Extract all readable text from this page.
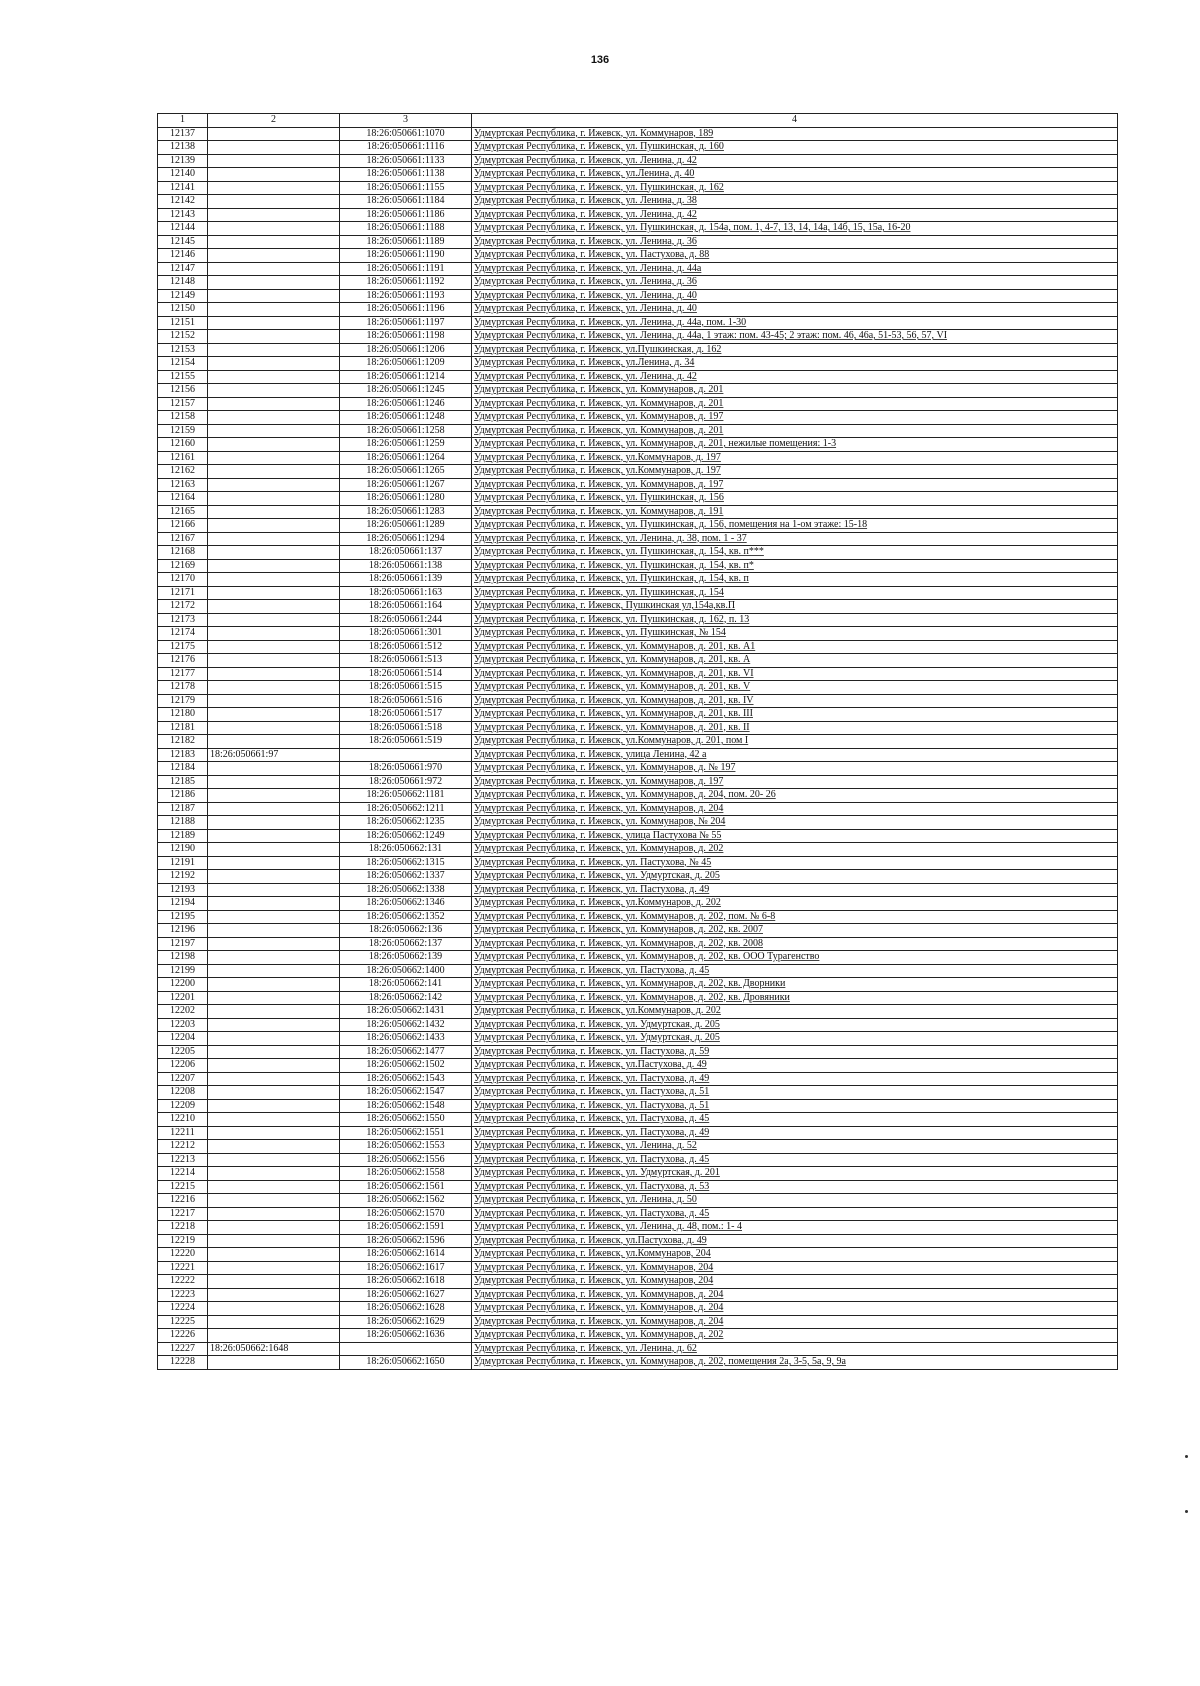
136
1	2	3	4
12137		18:26:050661:1070	Удмуртская Республика, г. Ижевск, ул. Коммунаров, 189
12138		18:26:050661:1116	Удмуртская Республика, г. Ижевск, ул. Пушкинская, д. 160
12139		18:26:050661:1133	Удмуртская Республика, г. Ижевск, ул. Ленина, д. 42
12140		18:26:050661:1138	Удмуртская Республика, г. Ижевск, ул.Ленина, д. 40
12141		18:26:050661:1155	Удмуртская Республика, г. Ижевск, ул. Пушкинская, д. 162
12142		18:26:050661:1184	Удмуртская Республика, г. Ижевск, ул. Ленина, д. 38
12143		18:26:050661:1186	Удмуртская Республика, г. Ижевск, ул. Ленина, д. 42
12144		18:26:050661:1188	Удмуртская Республика, г. Ижевск, ул. Пушкинская, д. 154а, пом. 1, 4-7, 13, 14, 14а, 14б, 15, 15а, 16-20
12145		18:26:050661:1189	Удмуртская Республика, г. Ижевск, ул. Ленина, д. 36
12146		18:26:050661:1190	Удмуртская Республика, г. Ижевск, ул. Пастухова, д. 88
12147		18:26:050661:1191	Удмуртская Республика, г. Ижевск, ул. Ленина, д. 44а
12148		18:26:050661:1192	Удмуртская Республика, г. Ижевск, ул. Ленина, д. 36
12149		18:26:050661:1193	Удмуртская Республика, г. Ижевск, ул. Ленина, д. 40
12150		18:26:050661:1196	Удмуртская Республика, г. Ижевск, ул. Ленина, д. 40
12151		18:26:050661:1197	Удмуртская Республика, г. Ижевск, ул. Ленина, д. 44а, пом. 1-30
12152		18:26:050661:1198	Удмуртская Республика, г. Ижевск, ул. Ленина, д. 44а, 1 этаж: пом. 43-45; 2 этаж: пом. 46, 46а, 51-53, 56, 57, VI
12153		18:26:050661:1206	Удмуртская Республика, г. Ижевск, ул.Пушкинская, д. 162
12154		18:26:050661:1209	Удмуртская Республика, г. Ижевск, ул.Ленина, д. 34
12155		18:26:050661:1214	Удмуртская Республика, г. Ижевск, ул. Ленина, д. 42
12156		18:26:050661:1245	Удмуртская Республика, г. Ижевск, ул. Коммунаров, д. 201
12157		18:26:050661:1246	Удмуртская Республика, г. Ижевск, ул. Коммунаров, д. 201
12158		18:26:050661:1248	Удмуртская Республика, г. Ижевск, ул. Коммунаров, д. 197
12159		18:26:050661:1258	Удмуртская Республика, г. Ижевск, ул. Коммунаров, д. 201
12160		18:26:050661:1259	Удмуртская Республика, г. Ижевск, ул. Коммунаров, д. 201, нежилые помещения: 1-3
12161		18:26:050661:1264	Удмуртская Республика, г. Ижевск, ул.Коммунаров, д. 197
12162		18:26:050661:1265	Удмуртская Республика, г. Ижевск, ул.Коммунаров, д. 197
12163		18:26:050661:1267	Удмуртская Республика, г. Ижевск, ул. Коммунаров, д. 197
12164		18:26:050661:1280	Удмуртская Республика, г. Ижевск, ул. Пушкинская, д. 156
12165		18:26:050661:1283	Удмуртская Республика, г. Ижевск, ул. Коммунаров, д. 191
12166		18:26:050661:1289	Удмуртская Республика, г. Ижевск, ул. Пушкинская, д. 156, помещения на 1-ом этаже: 15-18
12167		18:26:050661:1294	Удмуртская Республика, г. Ижевск, ул. Ленина, д. 38, пом. 1 - 37
12168		18:26:050661:137	Удмуртская Республика, г. Ижевск, ул. Пушкинская, д. 154, кв. п***
12169		18:26:050661:138	Удмуртская Республика, г. Ижевск, ул. Пушкинская, д. 154, кв. п*
12170		18:26:050661:139	Удмуртская Республика, г. Ижевск, ул. Пушкинская, д. 154, кв. п
12171		18:26:050661:163	Удмуртская Республика, г. Ижевск, ул. Пушкинская, д. 154
12172		18:26:050661:164	Удмуртская Республика, г. Ижевск, Пушкинская ул,154а,кв.П
12173		18:26:050661:244	Удмуртская Республика, г. Ижевск, ул. Пушкинская, д. 162, п. 13
12174		18:26:050661:301	Удмуртская Республика, г. Ижевск, ул. Пушкинская, № 154
12175		18:26:050661:512	Удмуртская Республика, г. Ижевск, ул. Коммунаров, д. 201, кв. А1
12176		18:26:050661:513	Удмуртская Республика, г. Ижевск, ул. Коммунаров, д. 201, кв. А
12177		18:26:050661:514	Удмуртская Республика, г. Ижевск, ул. Коммунаров, д. 201, кв. VI
12178		18:26:050661:515	Удмуртская Республика, г. Ижевск, ул. Коммунаров, д. 201, кв. V
12179		18:26:050661:516	Удмуртская Республика, г. Ижевск, ул. Коммунаров, д. 201, кв. IV
12180		18:26:050661:517	Удмуртская Республика, г. Ижевск, ул. Коммунаров, д. 201, кв. III
12181		18:26:050661:518	Удмуртская Республика, г. Ижевск, ул. Коммунаров, д. 201, кв. II
12182		18:26:050661:519	Удмуртская Республика, г. Ижевск, ул.Коммунаров, д. 201, пом I
12183	18:26:050661:97		Удмуртская Республика, г. Ижевск, улица Ленина, 42 а
12184		18:26:050661:970	Удмуртская Республика, г. Ижевск, ул. Коммунаров, д. № 197
12185		18:26:050661:972	Удмуртская Республика, г. Ижевск, ул. Коммунаров, д. 197
12186		18:26:050662:1181	Удмуртская Республика, г. Ижевск, ул. Коммунаров, д. 204, пом. 20- 26
12187		18:26:050662:1211	Удмуртская Республика, г. Ижевск, ул. Коммунаров, д. 204
12188		18:26:050662:1235	Удмуртская Республика, г. Ижевск, ул. Коммунаров, № 204
12189		18:26:050662:1249	Удмуртская Республика, г. Ижевск, улица Пастухова № 55
12190		18:26:050662:131	Удмуртская Республика, г. Ижевск, ул. Коммунаров, д. 202
12191		18:26:050662:1315	Удмуртская Республика, г. Ижевск, ул. Пастухова, № 45
12192		18:26:050662:1337	Удмуртская Республика, г. Ижевск, ул. Удмуртская, д. 205
12193		18:26:050662:1338	Удмуртская Республика, г. Ижевск, ул. Пастухова, д. 49
12194		18:26:050662:1346	Удмуртская Республика, г. Ижевск, ул.Коммунаров, д. 202
12195		18:26:050662:1352	Удмуртская Республика, г. Ижевск, ул. Коммунаров, д. 202, пом. № 6-8
12196		18:26:050662:136	Удмуртская Республика, г. Ижевск, ул. Коммунаров, д. 202, кв. 2007
12197		18:26:050662:137	Удмуртская Республика, г. Ижевск, ул. Коммунаров, д. 202, кв. 2008
12198		18:26:050662:139	Удмуртская Республика, г. Ижевск, ул. Коммунаров, д. 202, кв. ООО Турагенство
12199		18:26:050662:1400	Удмуртская Республика, г. Ижевск, ул. Пастухова, д. 45
12200		18:26:050662:141	Удмуртская Республика, г. Ижевск, ул. Коммунаров, д. 202, кв. Дворники
12201		18:26:050662:142	Удмуртская Республика, г. Ижевск, ул. Коммунаров, д. 202, кв. Дровяники
12202		18:26:050662:1431	Удмуртская Республика, г. Ижевск, ул.Коммунаров, д. 202
12203		18:26:050662:1432	Удмуртская Республика, г. Ижевск, ул. Удмуртская, д. 205
12204		18:26:050662:1433	Удмуртская Республика, г. Ижевск, ул. Удмуртская, д. 205
12205		18:26:050662:1477	Удмуртская Республика, г. Ижевск, ул. Пастухова, д. 59
12206		18:26:050662:1502	Удмуртская Республика, г. Ижевск, ул.Пастухова, д. 49
12207		18:26:050662:1543	Удмуртская Республика, г. Ижевск, ул. Пастухова, д. 49
12208		18:26:050662:1547	Удмуртская Республика, г. Ижевск, ул. Пастухова, д. 51
12209		18:26:050662:1548	Удмуртская Республика, г. Ижевск, ул. Пастухова, д. 51
12210		18:26:050662:1550	Удмуртская Республика, г. Ижевск, ул. Пастухова, д. 45
12211		18:26:050662:1551	Удмуртская Республика, г. Ижевск, ул. Пастухова, д. 49
12212		18:26:050662:1553	Удмуртская Республика, г. Ижевск, ул. Ленина, д. 52
12213		18:26:050662:1556	Удмуртская Республика, г. Ижевск, ул. Пастухова, д. 45
12214		18:26:050662:1558	Удмуртская Республика, г. Ижевск, ул. Удмуртская, д. 201
12215		18:26:050662:1561	Удмуртская Республика, г. Ижевск, ул. Пастухова, д. 53
12216		18:26:050662:1562	Удмуртская Республика, г. Ижевск, ул. Ленина, д. 50
12217		18:26:050662:1570	Удмуртская Республика, г. Ижевск, ул. Пастухова, д. 45
12218		18:26:050662:1591	Удмуртская Республика, г. Ижевск, ул. Ленина, д. 48, пом.: 1- 4
12219		18:26:050662:1596	Удмуртская Республика, г. Ижевск, ул.Пастухова, д. 49
12220		18:26:050662:1614	Удмуртская Республика, г. Ижевск, ул.Коммунаров, 204
12221		18:26:050662:1617	Удмуртская Республика, г. Ижевск, ул. Коммунаров, 204
12222		18:26:050662:1618	Удмуртская Республика, г. Ижевск, ул. Коммунаров, 204
12223		18:26:050662:1627	Удмуртская Республика, г. Ижевск, ул. Коммунаров, д. 204
12224		18:26:050662:1628	Удмуртская Республика, г. Ижевск, ул. Коммунаров, д. 204
12225		18:26:050662:1629	Удмуртская Республика, г. Ижевск, ул. Коммунаров, д. 204
12226		18:26:050662:1636	Удмуртская Республика, г. Ижевск, ул. Коммунаров, д. 202
12227	18:26:050662:1648		Удмуртская Республика, г. Ижевск, ул. Ленина, д. 62
12228		18:26:050662:1650	Удмуртская Республика, г. Ижевск, ул. Коммунаров, д. 202, помещения 2а, 3-5, 5а, 9, 9а
